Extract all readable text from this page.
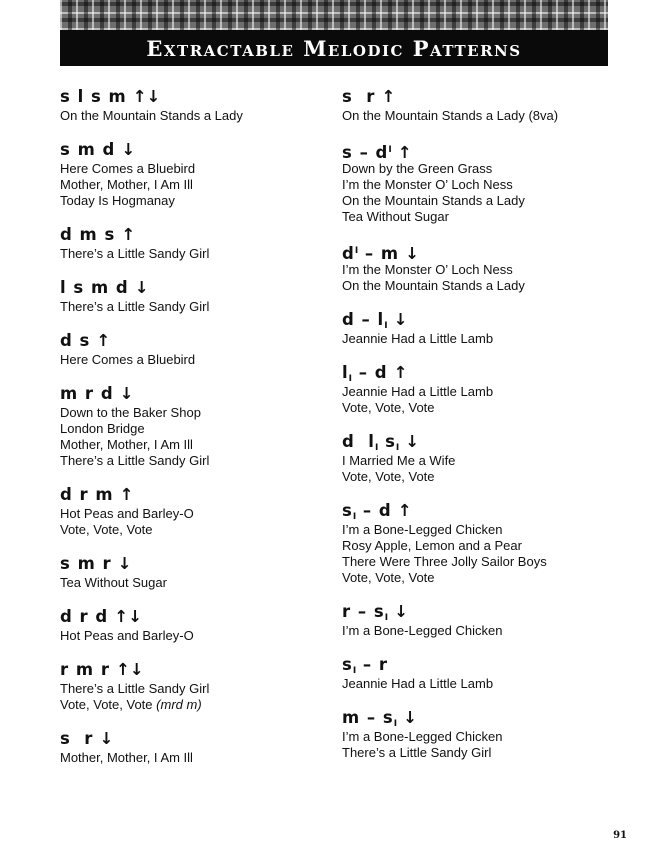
Extractable Melodic Patterns
s l s m ↑↓
On the Mountain Stands a Lady
s m d ↓
Here Comes a Bluebird
Mother, Mother, I Am Ill
Today Is Hogmanay
d m s ↑
There’s a Little Sandy Girl
l s m d ↓
There’s a Little Sandy Girl
d s ↑
Here Comes a Bluebird
m r d ↓
Down to the Baker Shop
London Bridge
Mother, Mother, I Am Ill
There’s a Little Sandy Girl
d r m ↑
Hot Peas and Barley-O
Vote, Vote, Vote
s m r ↓
Tea Without Sugar
d r d ↑↓
Hot Peas and Barley-O
r m r ↑↓
There’s a Little Sandy Girl
Vote, Vote, Vote (mrd m)
s  r ↓
Mother, Mother, I Am Ill
s  r ↑
On the Mountain Stands a Lady (8va)
s – $d^I$ ↑
Down by the Green Grass
I’m the Monster O’ Loch Ness
On the Mountain Stands a Lady
Tea Without Sugar
$d^I$ – m ↓
I’m the Monster O’ Loch Ness
On the Mountain Stands a Lady
d – $l_I$ ↓
Jeannie Had a Little Lamb
$l_I$ – d ↑
Jeannie Had a Little Lamb
Vote, Vote, Vote
d  $l_I$ $s_I$ ↓
I Married Me a Wife
Vote, Vote, Vote
$s_I$ – d ↑
I’m a Bone-Legged Chicken
Rosy Apple, Lemon and a Pear
There Were Three Jolly Sailor Boys
Vote, Vote, Vote
r – $s_I$ ↓
I’m a Bone-Legged Chicken
$s_I$ – r
Jeannie Had a Little Lamb
m – $s_I$ ↓
I’m a Bone-Legged Chicken
There’s a Little Sandy Girl
91
